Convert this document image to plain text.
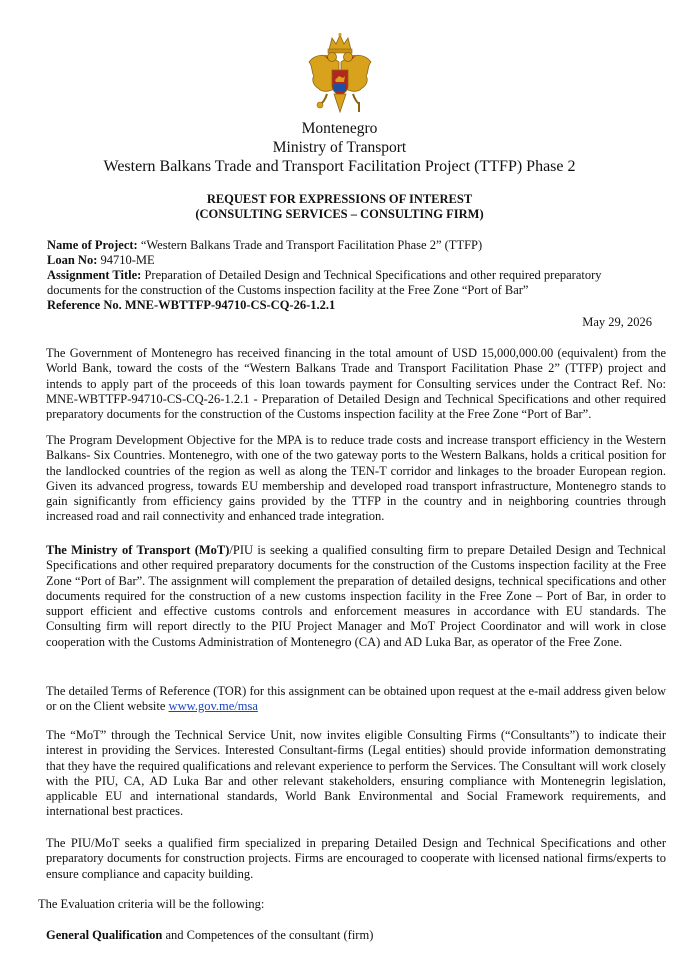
Montenegro
Ministry of Transport
Western Balkans Trade and Transport Facilitation Project (TTFP) Phase 2
REQUEST FOR EXPRESSIONS OF INTEREST
(CONSULTING SERVICES – CONSULTING FIRM)
Name of Project: “Western Balkans Trade and Transport Facilitation Phase 2” (TTFP)
Loan No: 94710-ME
Assignment Title: Preparation of Detailed Design and Technical Specifications and other required preparatory documents for the construction of the Customs inspection facility at the Free Zone “Port of Bar”
Reference No. MNE-WBTTFP-94710-CS-CQ-26-1.2.1
May 29, 2026
The Government of Montenegro has received financing in the total amount of USD 15,000,000.00 (equivalent) from the World Bank, toward the costs of the “Western Balkans Trade and Transport Facilitation Phase 2” (TTFP) project and intends to apply part of the proceeds of this loan towards payment for Consulting services under the Contract Ref. No: MNE-WBTTFP-94710-CS-CQ-26-1.2.1 - Preparation of Detailed Design and Technical Specifications and other required preparatory documents for the construction of the Customs inspection facility at the Free Zone “Port of Bar”.
The Program Development Objective for the MPA is to reduce trade costs and increase transport efficiency in the Western Balkans- Six Countries. Montenegro, with one of the two gateway ports to the Western Balkans, holds a critical position for the landlocked countries of the region as well as along the TEN-T corridor and linkages to the broader European region. Given its advanced progress, towards EU membership and developed road transport infrastructure, Montenegro stands to gain significantly from efficiency gains provided by the TTFP in the country and in neighboring countries through increased road and rail connectivity and enhanced trade integration.
The Ministry of Transport (MoT)/PIU is seeking a qualified consulting firm to prepare Detailed Design and Technical Specifications and other required preparatory documents for the construction of the Customs inspection facility at the Free Zone “Port of Bar”. The assignment will complement the preparation of detailed designs, technical specifications and other documents required for the construction of a new customs inspection facility in the Free Zone – Port of Bar, in order to support efficient and effective customs controls and enforcement measures in accordance with EU standards. The Consulting firm will report directly to the PIU Project Manager and MoT Project Coordinator and will work in close cooperation with the Customs Administration of Montenegro (CA) and AD Luka Bar, as operator of the Free Zone.
The detailed Terms of Reference (TOR) for this assignment can be obtained upon request at the e-mail address given below or on the Client website www.gov.me/msa
The “MoT” through the Technical Service Unit, now invites eligible Consulting Firms (“Consultants”) to indicate their interest in providing the Services. Interested Consultant-firms (Legal entities) should provide information demonstrating that they have the required qualifications and relevant experience to perform the Services. The Consultant will work closely with the PIU, CA, AD Luka Bar and other relevant stakeholders, ensuring compliance with Montenegrin legislation, applicable EU and international standards, World Bank Environmental and Social Framework requirements, and international best practices.
The PIU/MoT seeks a qualified firm specialized in preparing Detailed Design and Technical Specifications and other preparatory documents for construction projects. Firms are encouraged to cooperate with licensed national firms/experts to ensure compliance and capacity building.
The Evaluation criteria will be the following:
General Qualification and Competences of the consultant (firm)
